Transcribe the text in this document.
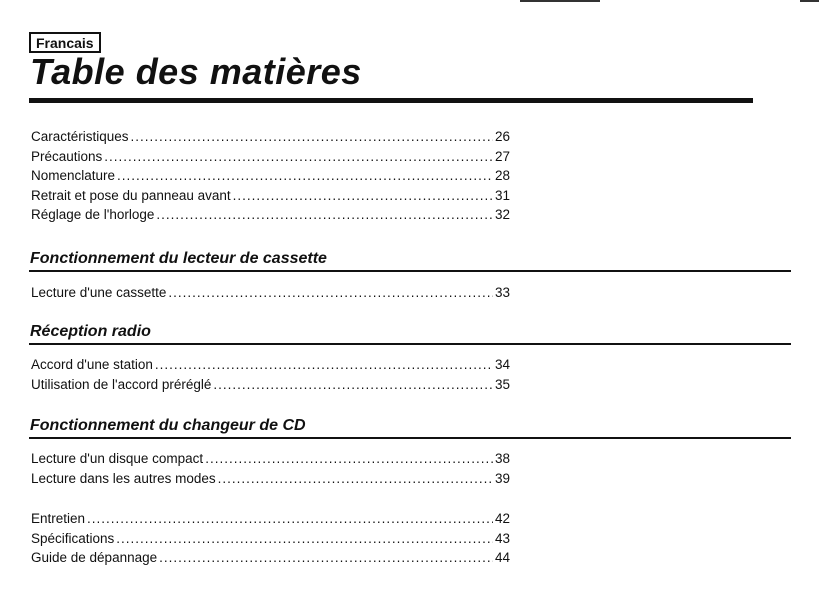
Francais
Table des matières
Caractéristiques .....	26
Précautions .....	27
Nomenclature .....	28
Retrait et pose du panneau avant .....	31
Réglage de l'horloge .....	32
Fonctionnement du lecteur de cassette
Lecture d'une cassette .....	33
Réception radio
Accord d'une station .....	34
Utilisation de l'accord préréglé .....	35
Fonctionnement du changeur de CD
Lecture d'un disque compact .....	38
Lecture dans les autres modes .....	39
Entretien .....	42
Spécifications .....	43
Guide de dépannage .....	44
